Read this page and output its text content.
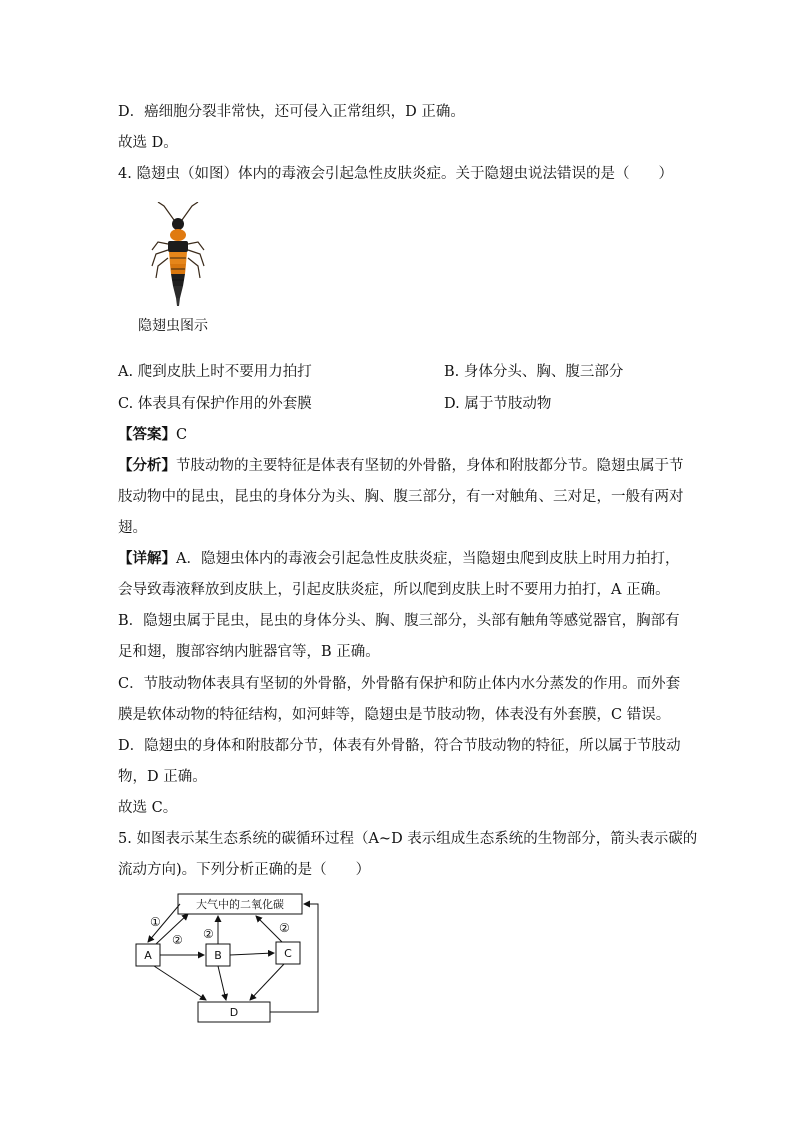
D．癌细胞分裂非常快，还可侵入正常组织，D 正确。
故选 D。
4. 隐翅虫（如图）体内的毒液会引起急性皮肤炎症。关于隐翅虫说法错误的是（　　）
隐翅虫图示
A. 爬到皮肤上时不要用力拍打	B. 身体分头、胸、腹三部分
C. 体表具有保护作用的外套膜	D. 属于节肢动物
【答案】C
【分析】节肢动物的主要特征是体表有坚韧的外骨骼，身体和附肢都分节。隐翅虫属于节
肢动物中的昆虫，昆虫的身体分为头、胸、腹三部分，有一对触角、三对足，一般有两对
翅。
【详解】A．隐翅虫体内的毒液会引起急性皮肤炎症，当隐翅虫爬到皮肤上时用力拍打，
会导致毒液释放到皮肤上，引起皮肤炎症，所以爬到皮肤上时不要用力拍打，A 正确。
B．隐翅虫属于昆虫，昆虫的身体分头、胸、腹三部分，头部有触角等感觉器官，胸部有
足和翅，腹部容纳内脏器官等，B 正确。
C．节肢动物体表具有坚韧的外骨骼，外骨骼有保护和防止体内水分蒸发的作用。而外套
膜是软体动物的特征结构，如河蚌等，隐翅虫是节肢动物，体表没有外套膜，C 错误。
D．隐翅虫的身体和附肢都分节，体表有外骨骼，符合节肢动物的特征，所以属于节肢动
物，D 正确。
故选 C。
5. 如图表示某生态系统的碳循环过程（A~D 表示组成生态系统的生物部分，箭头表示碳的
流动方向)。下列分析正确的是（　　）
大气中的二氧化碳
A	B	C
D
①
② ②	②
